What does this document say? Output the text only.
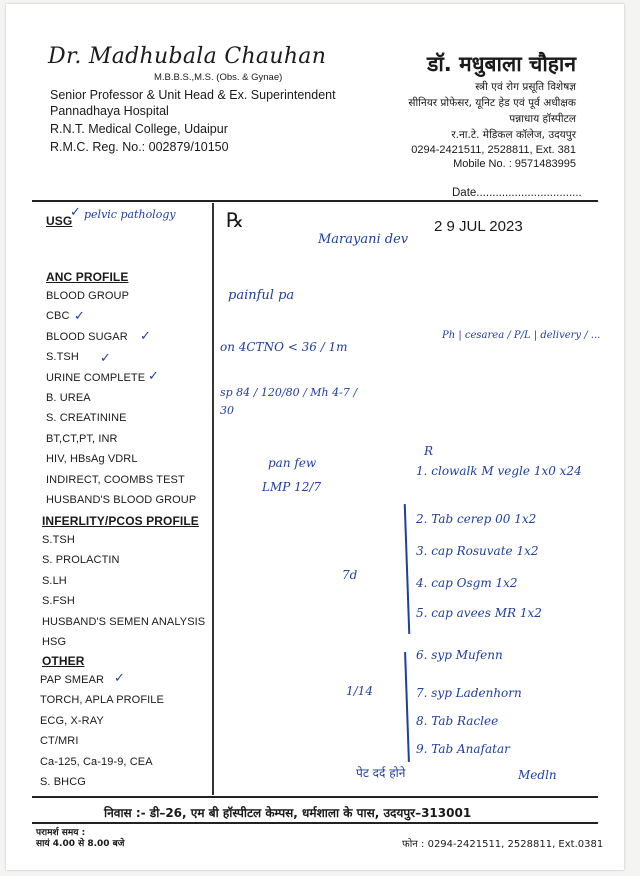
Dr. Madhubala Chauhan
M.B.B.S.,M.S. (Obs. & Gynae)
Senior Professor & Unit Head & Ex. Superintendent
Pannadhaya Hospital
R.N.T. Medical College, Udaipur
R.M.C. Reg. No.: 002879/10150
डॉ. मधुबाला चौहान
स्त्री एवं रोग प्रसूति विशेषज्ञ
सीनियर प्रोफेसर, यूनिट हेड एवं पूर्व अधीक्षक
पन्नाधाय हॉस्पीटल
र.ना.टे. मेडिकल कॉलेज, उदयपुर
0294-2421511, 2528811, Ext. 381
Mobile No. : 9571483995
Date.................................
USG
ANC PROFILE
BLOOD GROUP
CBC
BLOOD SUGAR
S.TSH
URINE COMPLETE
B. UREA
S. CREATININE
BT,CT,PT, INR
HIV, HBsAg VDRL
INDIRECT, COOMBS TEST
HUSBAND'S BLOOD GROUP
INFERLITY/PCOS PROFILE
S.TSH
S. PROLACTIN
S.LH
S.FSH
HUSBAND'S SEMEN ANALYSIS
HSG
OTHER
PAP SMEAR
TORCH, APLA PROFILE
ECG, X-RAY
CT/MRI
Ca-125, Ca-19-9, CEA
S. BHCG
✓
✓
✓
✓
✓
✓
℞	2 9 JUL 2023
pelvic pathology
Marayani dev
painful pa
on 4CTNO < 36 / 1m
Ph | cesarea / P/L | delivery / ...
sp 84 / 120/80 / Mh 4-7 / 30
pan few
LMP 12/7
R
1. clowalk M vegle 1x0 x24
2. Tab cerep 00 1x2
3. cap Rosuvate 1x2
4. cap Osgm 1x2
5. cap avees MR 1x2
6. syp Mufenn
7. syp Ladenhorn
8. Tab Raclee
9. Tab Anafatar
7d
1/14
पेट दर्द होने	Medln
निवास :- डी–26, एम बी हॉस्पीटल केम्पस, धर्मशाला के पास, उदयपुर–313001
परामर्श समय :
सायं 4.00 से 8.00 बजे	फोन : 0294-2421511, 2528811, Ext.0381
